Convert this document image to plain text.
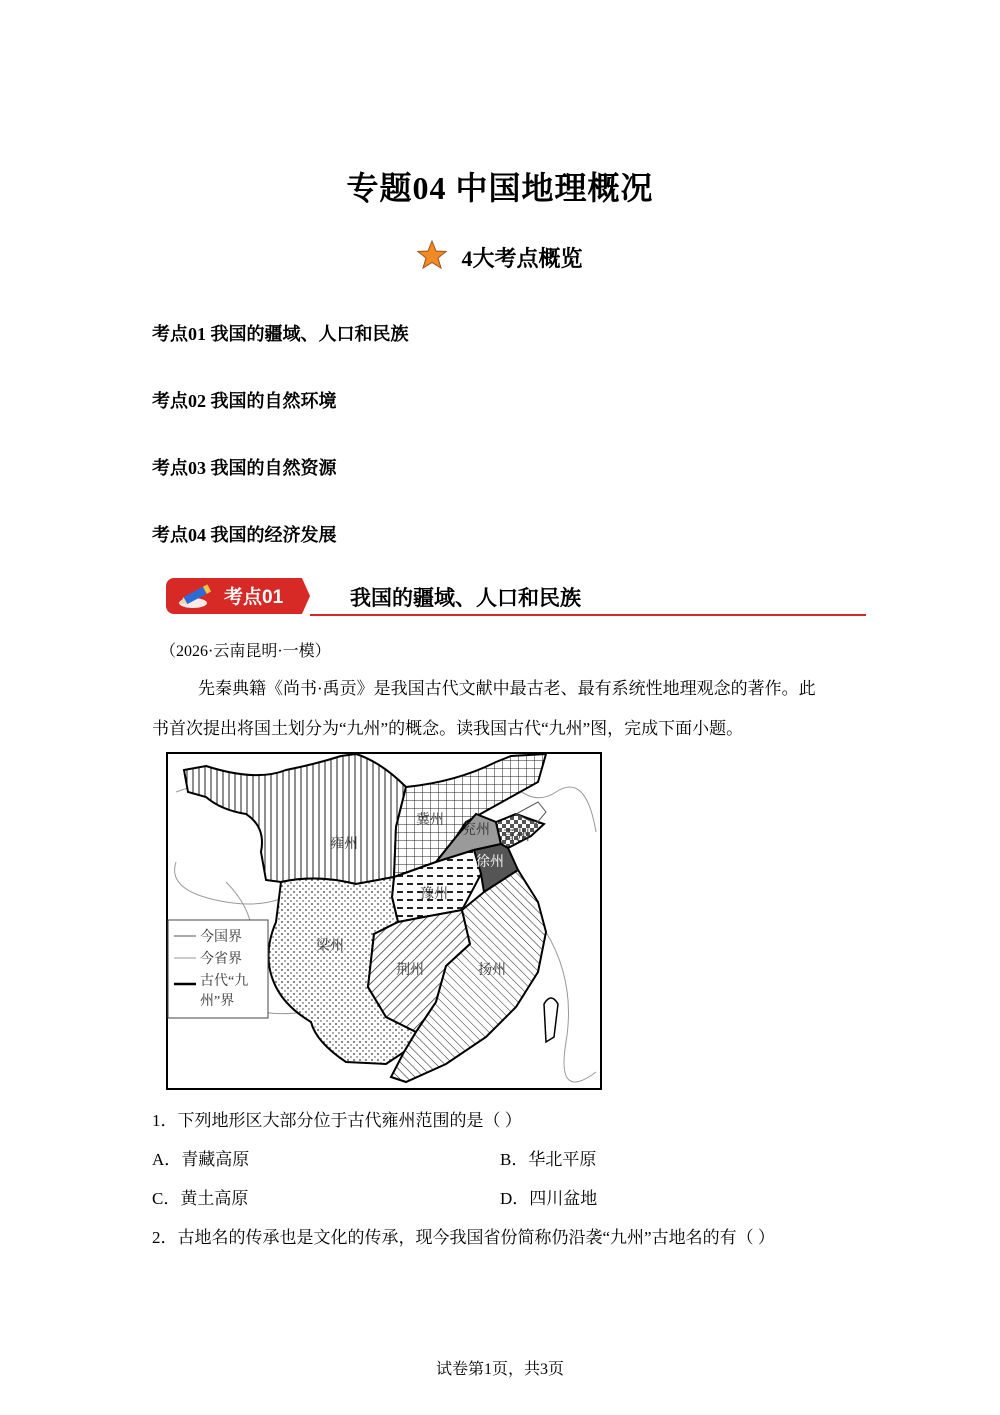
专题04 中国地理概况
4大考点概览
考点01 我国的疆域、人口和民族
考点02 我国的自然环境
考点03 我国的自然资源
考点04 我国的经济发展
考点01	我国的疆域、人口和民族
（2026·云南昆明·一模）
先秦典籍《尚书·禹贡》是我国古代文献中最古老、最有系统性地理观念的著作。此
书首次提出将国土划分为“九州”的概念。读我国古代“九州”图，完成下面小题。
雍州
冀州
兖州 青州
徐州
豫州
梁州
荆州	扬州
今国界
今省界
古代“九
州”界
1．下列地形区大部分位于古代雍州范围的是（ ）
A．青藏高原	B．华北平原
C．黄土高原	D．四川盆地
2．古地名的传承也是文化的传承，现今我国省份简称仍沿袭“九州”古地名的有（ ）
试卷第1页，共3页
